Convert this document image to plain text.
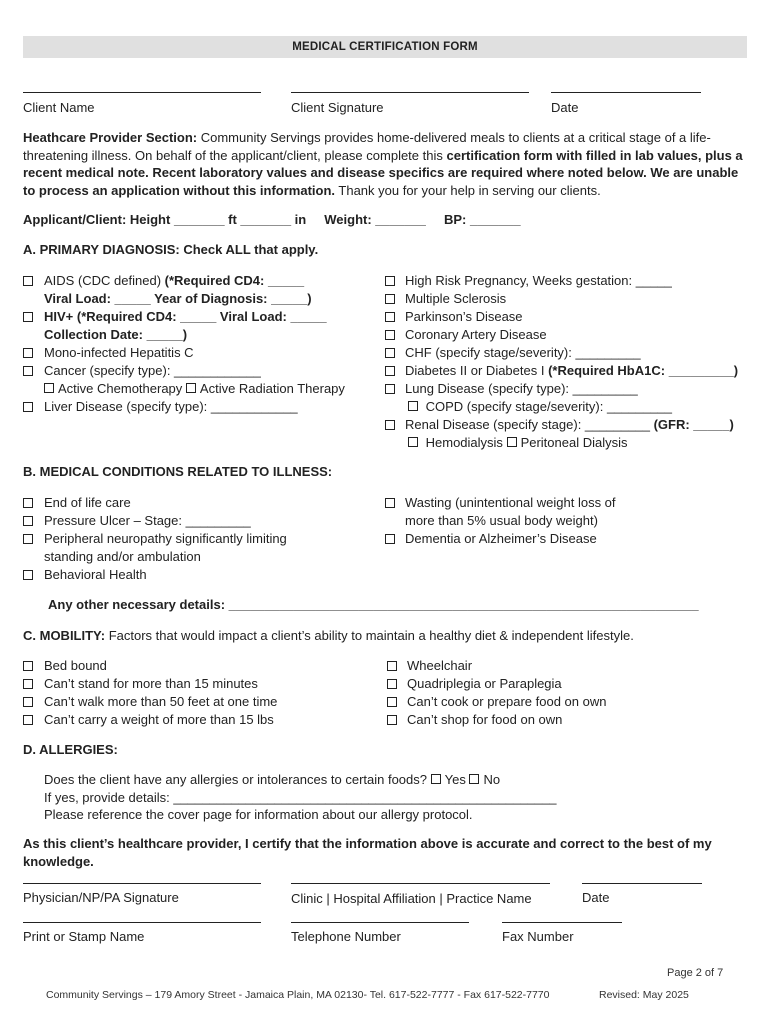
MEDICAL CERTIFICATION FORM
Client Name	Client Signature	Date
Heathcare Provider Section: Community Servings provides home-delivered meals to clients at a critical stage of a life-threatening illness. On behalf of the applicant/client, please complete this certification form with filled in lab values, plus a recent medical note. Recent laboratory values and disease specifics are required where noted below. We are unable to process an application without this information. Thank you for your help in serving our clients.
Applicant/Client: Height _______ ft _______ in     Weight: _______     BP: _______
A. PRIMARY DIAGNOSIS: Check ALL that apply.
AIDS (CDC defined) (*Required CD4: _____
Viral Load: _____ Year of Diagnosis: _____)
HIV+ (*Required CD4: _____ Viral Load: _____
Collection Date: _____)
Mono-infected Hepatitis C
Cancer (specify type): ____________
Active Chemotherapy Active Radiation Therapy
Liver Disease (specify type): ____________
High Risk Pregnancy, Weeks gestation: _____
Multiple Sclerosis
Parkinson’s Disease
Coronary Artery Disease
CHF (specify stage/severity): _________
Diabetes II or Diabetes I (*Required HbA1C: _________)
Lung Disease (specify type): _________
COPD (specify stage/severity): _________
Renal Disease (specify stage): _________ (GFR: _____)
Hemodialysis Peritoneal Dialysis
B. MEDICAL CONDITIONS RELATED TO ILLNESS:
End of life care
Pressure Ulcer – Stage: _________
Peripheral neuropathy significantly limiting
standing and/or ambulation
Behavioral Health
Wasting (unintentional weight loss of
more than 5% usual body weight)
Dementia or Alzheimer’s Disease
Any other necessary details: _________________________________________________________________
C. MOBILITY: Factors that would impact a client’s ability to maintain a healthy diet & independent lifestyle.
Bed bound
Can’t stand for more than 15 minutes
Can’t walk more than 50 feet at one time
Can’t carry a weight of more than 15 lbs
Wheelchair
Quadriplegia or Paraplegia
Can’t cook or prepare food on own
Can’t shop for food on own
D. ALLERGIES:
Does the client have any allergies or intolerances to certain foods? Yes No
If yes, provide details: _____________________________________________________
Please reference the cover page for information about our allergy protocol.
As this client’s healthcare provider, I certify that the information above is accurate and correct to the best of my knowledge.
Physician/NP/PA Signature	Clinic | Hospital Affiliation | Practice Name	Date
Print or Stamp Name	Telephone Number	Fax Number
Page 2 of 7
Community Servings – 179 Amory Street - Jamaica Plain, MA 02130- Tel. 617-522-7777 - Fax 617-522-7770	Revised: May 2025
